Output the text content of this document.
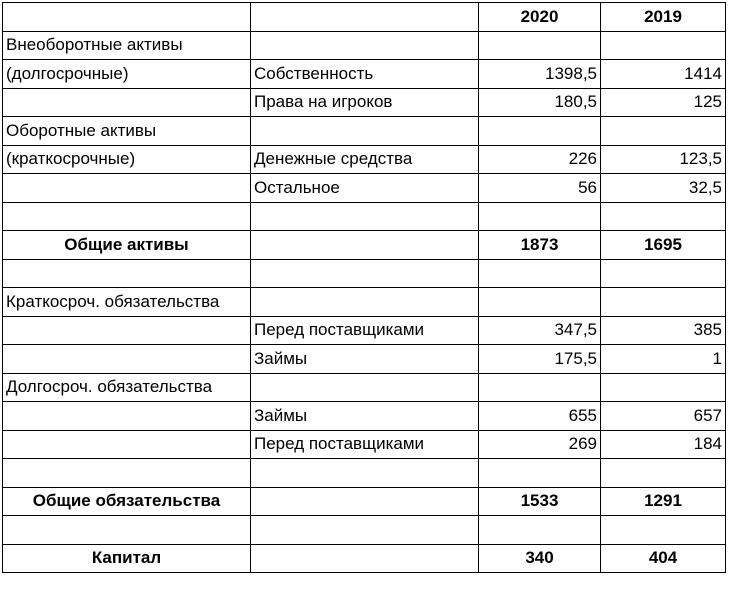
		2020	2019
Внеоборотные активы			
(долгосрочные)	Собственность	1398,5	1414
	Права на игроков	180,5	125
Оборотные активы			
(краткосрочные)	Денежные средства	226	123,5
	Остальное	56	32,5

Общие активы		1873	1695

Краткосроч. обязательства			
	Перед поставщиками	347,5	385
	Займы	175,5	1
Долгосроч. обязательства			
	Займы	655	657
	Перед поставщиками	269	184

Общие обязательства		1533	1291

Капитал		340	404
